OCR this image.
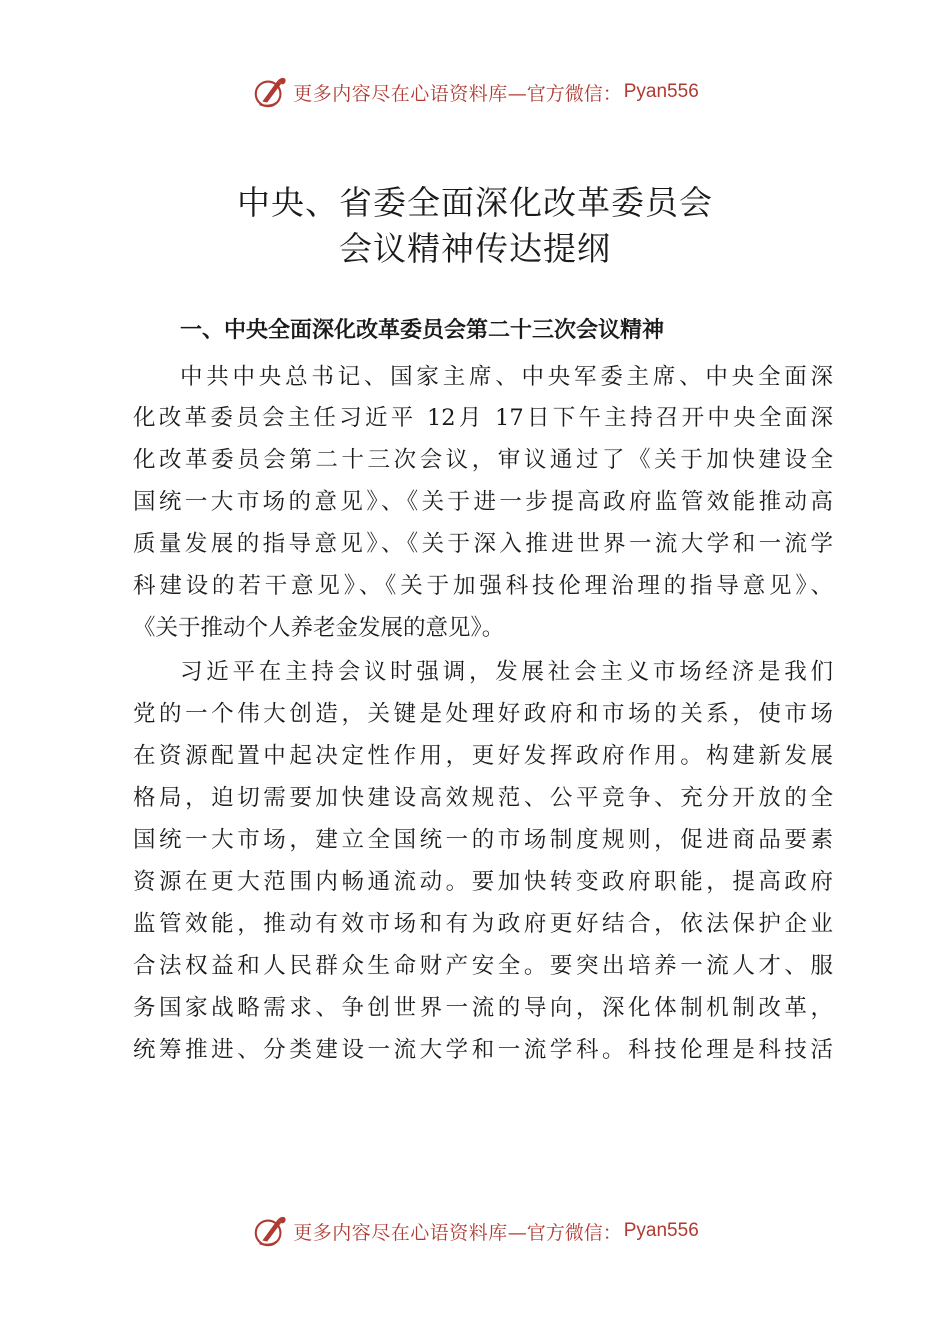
更多内容尽在心语资料库 —官方微信： Pyan556
中央、省委全面深化改革委员会
会议精神传达提纲
一、中央全面深化改革委员会第二十三次会议精神
中共中央总书记、国家主席、中央军委主席、中央全面深
化改革委员会主任习近平 12月 17日下午主持召开中央全面深
化改革委员会第二十三次会议，审议通过了《关于加快建设全
国统一大市场的意见》、《关于进一步提高政府监管效能推动高
质量发展的指导意见》、《关于深入推进世界一流大学和一流学
科建设的若干意见》、《关于加强科技伦理治理的指导意见》、
《关于推动个人养老金发展的意见》。
习近平在主持会议时强调，发展社会主义市场经济是我们
党的一个伟大创造，关键是处理好政府和市场的关系，使市场
在资源配置中起决定性作用，更好发挥政府作用。构建新发展
格局，迫切需要加快建设高效规范、公平竞争、充分开放的全
国统一大市场，建立全国统一的市场制度规则，促进商品要素
资源在更大范围内畅通流动。要加快转变政府职能，提高政府
监管效能，推动有效市场和有为政府更好结合，依法保护企业
合法权益和人民群众生命财产安全。要突出培养一流人才、服
务国家战略需求、争创世界一流的导向，深化体制机制改革，
统筹推进、分类建设一流大学和一流学科。科技伦理是科技活
更多内容尽在心语资料库 —官方微信： Pyan556
